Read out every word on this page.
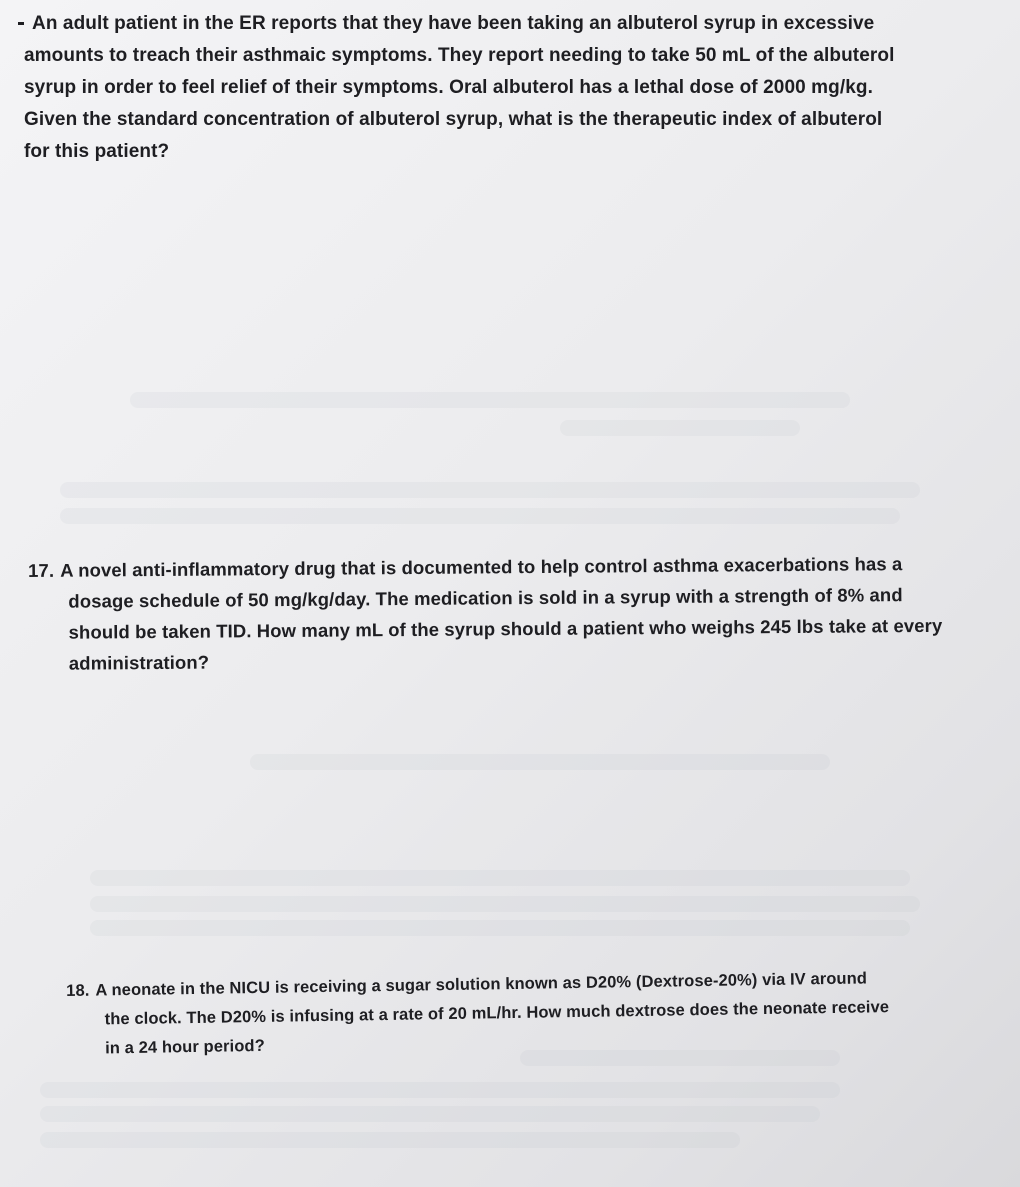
An adult patient in the ER reports that they have been taking an albuterol syrup in excessive
amounts to treach their asthmaic symptoms. They report needing to take 50 mL of the albuterol
syrup in order to feel relief of their symptoms. Oral albuterol has a lethal dose of 2000 mg/kg.
Given the standard concentration of albuterol syrup, what is the therapeutic index of albuterol
for this patient?
17. A novel anti-inflammatory drug that is documented to help control asthma exacerbations has a
dosage schedule of 50 mg/kg/day. The medication is sold in a syrup with a strength of 8% and
should be taken TID. How many mL of the syrup should a patient who weighs 245 lbs take at every
administration?
18. A neonate in the NICU is receiving a sugar solution known as D20% (Dextrose-20%) via IV around
the clock. The D20% is infusing at a rate of 20 mL/hr. How much dextrose does the neonate receive
in a 24 hour period?
